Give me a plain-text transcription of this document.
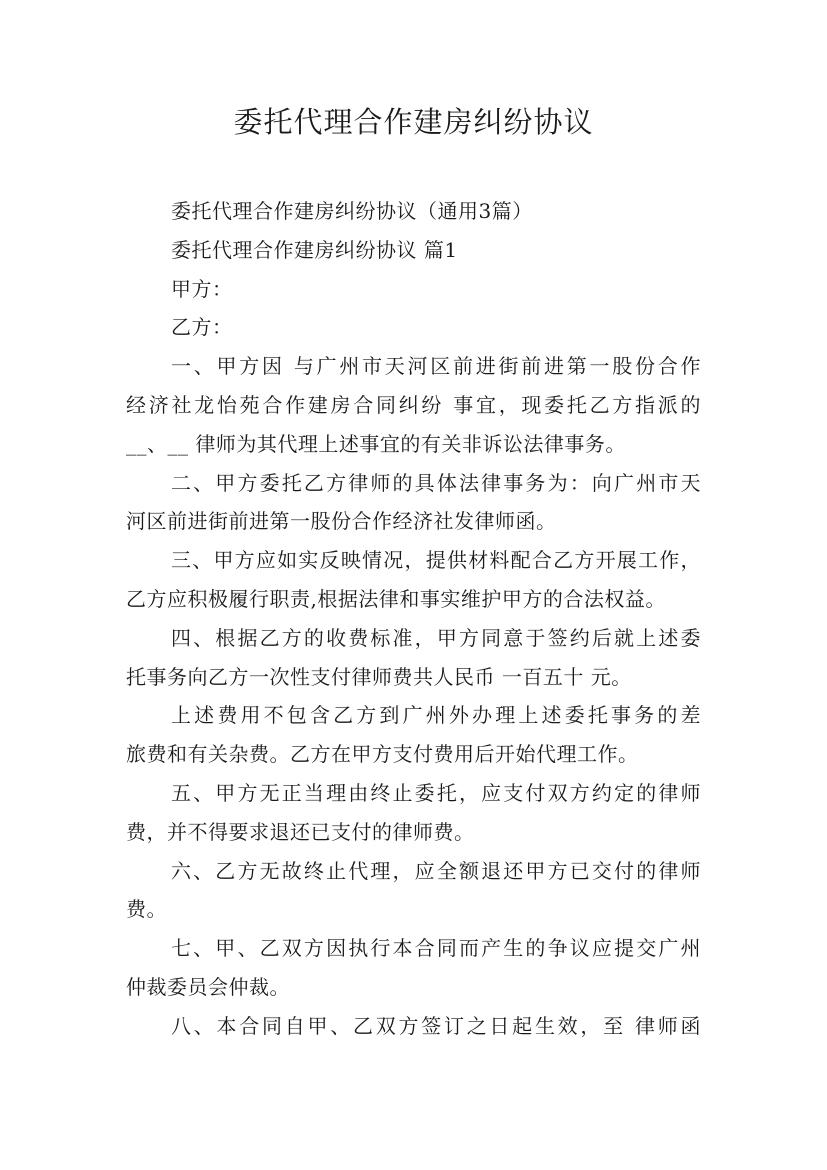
委托代理合作建房纠纷协议
委托代理合作建房纠纷协议（通用3篇）
委托代理合作建房纠纷协议 篇1
甲方：
乙方：
一、甲方因 与广州市天河区前进街前进第一股份合作
经济社龙怡苑合作建房合同纠纷 事宜，现委托乙方指派的
__、__ 律师为其代理上述事宜的有关非诉讼法律事务。
二、甲方委托乙方律师的具体法律事务为：向广州市天
河区前进街前进第一股份合作经济社发律师函。
三、甲方应如实反映情况，提供材料配合乙方开展工作，
乙方应积极履行职责,根据法律和事实维护甲方的合法权益。
四、根据乙方的收费标准，甲方同意于签约后就上述委
托事务向乙方一次性支付律师费共人民币 一百五十 元。
上述费用不包含乙方到广州外办理上述委托事务的差
旅费和有关杂费。乙方在甲方支付费用后开始代理工作。
五、甲方无正当理由终止委托，应支付双方约定的律师
费，并不得要求退还已支付的律师费。
六、乙方无故终止代理，应全额退还甲方已交付的律师
费。
七、甲、乙双方因执行本合同而产生的争议应提交广州
仲裁委员会仲裁。
八、本合同自甲、乙双方签订之日起生效，至 律师函
